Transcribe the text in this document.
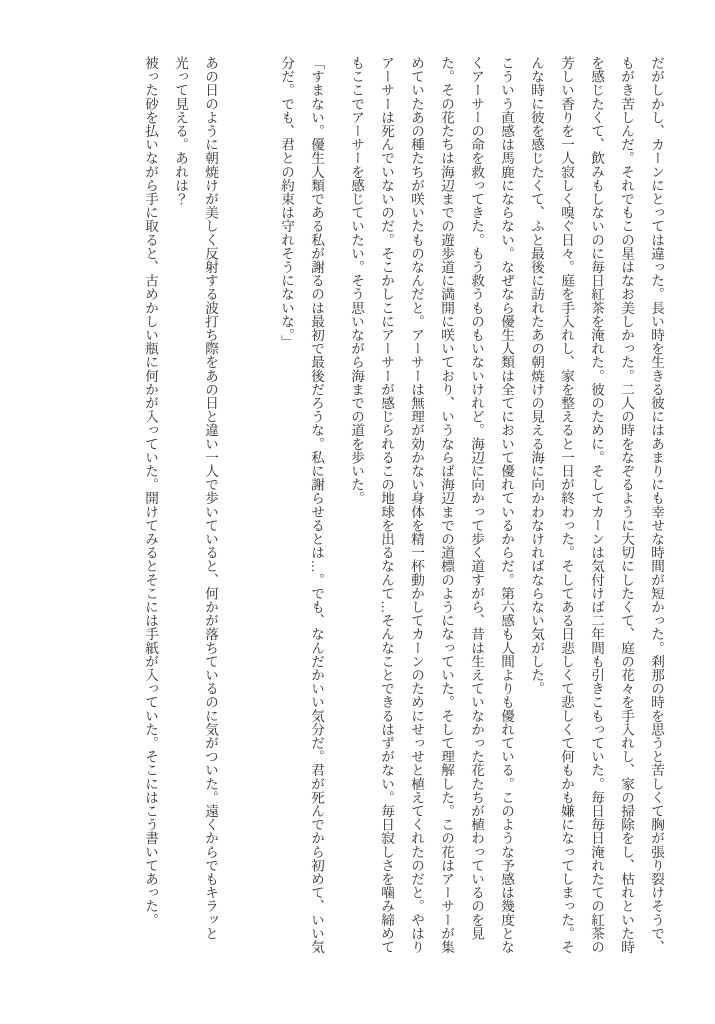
だがしかし、カーンにとっては違った。長い時を生きる彼にはあまりにも幸せな時間が短かった。刹那の時を思うと苦しくて胸が張り裂けそうで、もがき苦しんだ。それでもこの星はなお美しかった。二人の時をなぞるように大切にしたくて、庭の花々を手入れし、家の掃除をし、枯れといた時を感じたくて、飲みもしないのに毎日紅茶を淹れた。彼のために。そしてカーンは気付けば二年間も引きこもっていた。毎日毎日淹れたての紅茶の芳しい香りを一人寂しく嗅ぐ日々。庭を手入れし、家を整えると一日が終わった。そしてある日悲しくて悲しくて何もかも嫌になってしまった。そんな時に彼を感じたくて、ふと最後に訪れたあの朝焼けの見える海に向かわなければならない気がした。

こういう直感は馬鹿にならない。なぜなら優生人類は全てにおいて優れているからだ。第六感も人間よりも優れている。このような予感は幾度となくアーサーの命を救ってきた。もう救うものもいないけれど。海辺に向かって歩く道すがら、昔は生えていなかった花たちが植わっているのを見た。その花たちは海辺までの遊歩道に満開に咲いており、いうならば海辺までの道標のようになっていた。そして理解した。この花はアーサーが集めていたあの種たちが咲いたものなんだと。アーサーは無理が効かない身体を精一杯動かしてカーンのためにせっせと植えてくれたのだと。やはりアーサーは死んでいないのだ。そこかしこにアーサーが感じられるこの地球を出るなんて…そんなことできるはずがない。毎日寂しさを噛み締めてもここでアーサーを感じていたい。そう思いながら海までの道を歩いた。

「すまない。優生人類である私が謝るのは最初で最後だろうな。私に謝らせるとは…。でも、なんだかいい気分だ。君が死んでから初めて、いい気分だ。でも、君との約束は守れそうにないな。」

あの日のように朝焼けが美しく反射する波打ち際をあの日と違い一人で歩いていると、何かが落ちているのに気がついた。遠くからでもキラッと光って見える。あれは？

被った砂を払いながら手に取ると、古めかしい瓶に何かが入っていた。開けてみるとそこには手紙が入っていた。そこにはこう書いてあった。
